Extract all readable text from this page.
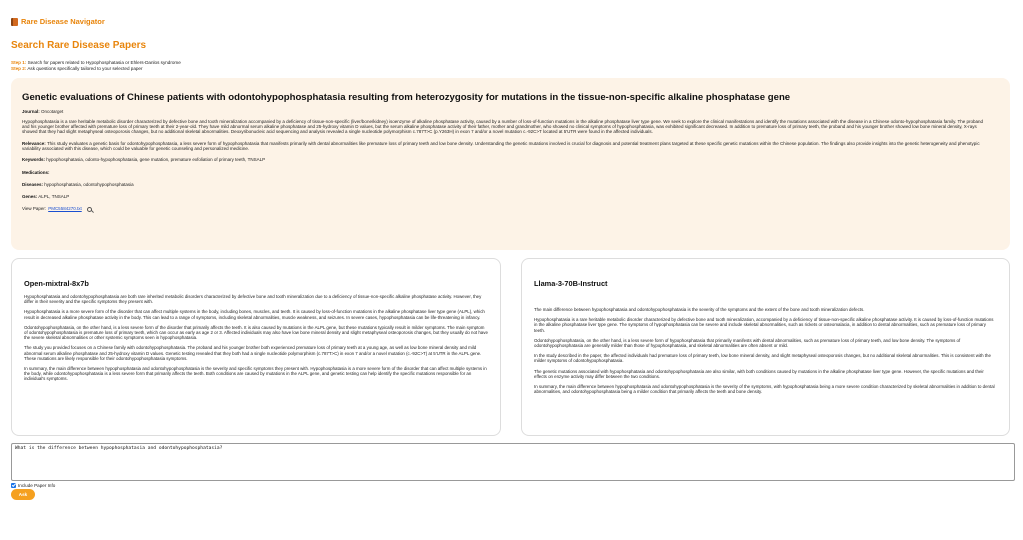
Rare Disease Navigator
Search Rare Disease Papers
Step 1: Search for papers related to Hypophosphatasia or Ehlers-Danlos syndrome
Step 2: Ask questions specifically tailored to your selected paper
Genetic evaluations of Chinese patients with odontohypophosphatasia resulting from heterozygosity for mutations in the tissue-non-specific alkaline phosphatase gene
Journal: Oncotarget
Hypophosphatasia is a rare heritable metabolic disorder characterized by defective bone and tooth mineralization accompanied by a deficiency of tissue-non-specific (liver/bone/kidney) isoenzyme of alkaline phosphatase activity, caused by a number of loss-of-function mutations in the alkaline phosphatase liver type gene. We seek to explore the clinical manifestations and identify the mutations associated with the disease in a Chinese odonto-hypophosphatasia family. The proband and his younger brother affected with premature loss of primary teeth at their 2-year-old. They have mild abnormal serum alkaline phosphatase and 25-hydroxy vitamin D values, but the serum alkaline phosphatase activity of their father, mother and grandmother, who showed no clinical symptoms of hypophosphatasia, was exhibited significant decreased. In addition to premature loss of primary teeth, the proband and his younger brother showed low bone mineral density, X-rays showed that they had slight metaphyseal osteoporosis changes, but no additional skeletal abnormalities. Deoxyribonucleic acid sequencing and analysis revealed a single nucleotide polymorphism c.787T>C (p.Y263H) in exon 7 and/or a novel mutation c.-92C>T located at 5'UTR were found in the affected individuals.
Relevance: This study evaluates a genetic basis for odontohypophosphatasia, a less severe form of hypophosphatasia that manifests primarily with dental abnormalities like premature loss of primary teeth and low bone density. Understanding the genetic mutations involved is crucial for diagnosis and potential treatment plans targeted at these specific genetic mutations within the Chinese population. The findings also provide insights into the genetic heterogeneity and phenotypic variability associated with this disease, which could be valuable for genetic counseling and personalized medicine.
Keywords: hypophosphatasia, odonto-hypophosphatasia, gene mutation, premature exfoliation of primary teeth, TNSALP
Medications:
Diseases: hypophosphatasia, odontohypophosphatasia
Genes: ALPL, TNSALP
View Paper: PMC5584270.txt
Open-mixtral-8x7b

Hypophosphatasia and odontohypophosphatasia are both rare inherited metabolic disorders characterized by defective bone and tooth mineralization due to a deficiency of tissue-non-specific alkaline phosphatase activity. However, they differ in their severity and the specific symptoms they present with.

Hypophosphatasia is a more severe form of the disorder that can affect multiple systems in the body, including bones, muscles, and teeth. It is caused by loss-of-function mutations in the alkaline phosphatase liver type gene (ALPL), which result in decreased alkaline phosphatase activity in the body. This can lead to a range of symptoms, including skeletal abnormalities, muscle weakness, and seizures. In severe cases, hypophosphatasia can be life-threatening in infancy.

Odontohypophosphatasia, on the other hand, is a less severe form of the disorder that primarily affects the teeth. It is also caused by mutations in the ALPL gene, but these mutations typically result in milder symptoms. The main symptom of odontohypophosphatasia is premature loss of primary teeth, which can occur as early as age 2 or 3. Affected individuals may also have low bone mineral density and slight metaphyseal osteoporosis changes, but they usually do not have the severe skeletal abnormalities or other systemic symptoms seen in hypophosphatasia.

The study you provided focuses on a Chinese family with odontohypophosphatasia. The proband and his younger brother both experienced premature loss of primary teeth at a young age, as well as low bone mineral density and mild abnormal serum alkaline phosphatase and 25-hydroxy vitamin D values. Genetic testing revealed that they both had a single nucleotide polymorphism (c.787T>C) in exon 7 and/or a novel mutation (c.-92C>T) at 5'UTR in the ALPL gene. These mutations are likely responsible for their odontohypophosphatasia symptoms.

In summary, the main difference between hypophosphatasia and odontohypophosphatasia is the severity and specific symptoms they present with. Hypophosphatasia is a more severe form of the disorder that can affect multiple systems in the body, while odontohypophosphatasia is a less severe form that primarily affects the teeth. Both conditions are caused by mutations in the ALPL gene, and genetic testing can help identify the specific mutations responsible for an individual's symptoms.

Llama-3-70B-Instruct

The main difference between hypophosphatasia and odontohypophosphatasia is the severity of the symptoms and the extent of the bone and tooth mineralization defects.

Hypophosphatasia is a rare heritable metabolic disorder characterized by defective bone and tooth mineralization, accompanied by a deficiency of tissue-non-specific alkaline phosphatase activity. It is caused by loss-of-function mutations in the alkaline phosphatase liver type gene. The symptoms of hypophosphatasia can be severe and include skeletal abnormalities, such as rickets or osteomalacia, in addition to dental abnormalities, such as premature loss of primary teeth.

Odontohypophosphatasia, on the other hand, is a less severe form of hypophosphatasia that primarily manifests with dental abnormalities, such as premature loss of primary teeth, and low bone density. The symptoms of odontohypophosphatasia are generally milder than those of hypophosphatasia, and skeletal abnormalities are often absent or mild.

In the study described in the paper, the affected individuals had premature loss of primary teeth, low bone mineral density, and slight metaphyseal osteoporosis changes, but no additional skeletal abnormalities. This is consistent with the milder symptoms of odontohypophosphatasia.

The genetic mutations associated with hypophosphatasia and odontohypophosphatasia are also similar, with both conditions caused by mutations in the alkaline phosphatase liver type gene. However, the specific mutations and their effects on enzyme activity may differ between the two conditions.

In summary, the main difference between hypophosphatasia and odontohypophosphatasia is the severity of the symptoms, with hypophosphatasia being a more severe condition characterized by skeletal abnormalities in addition to dental abnormalities, and odontohypophosphatasia being a milder condition that primarily affects the teeth and bone density.

What is the difference between hypophosphatasia and odontohypophosphatasia?
Include Paper Info
Ask
